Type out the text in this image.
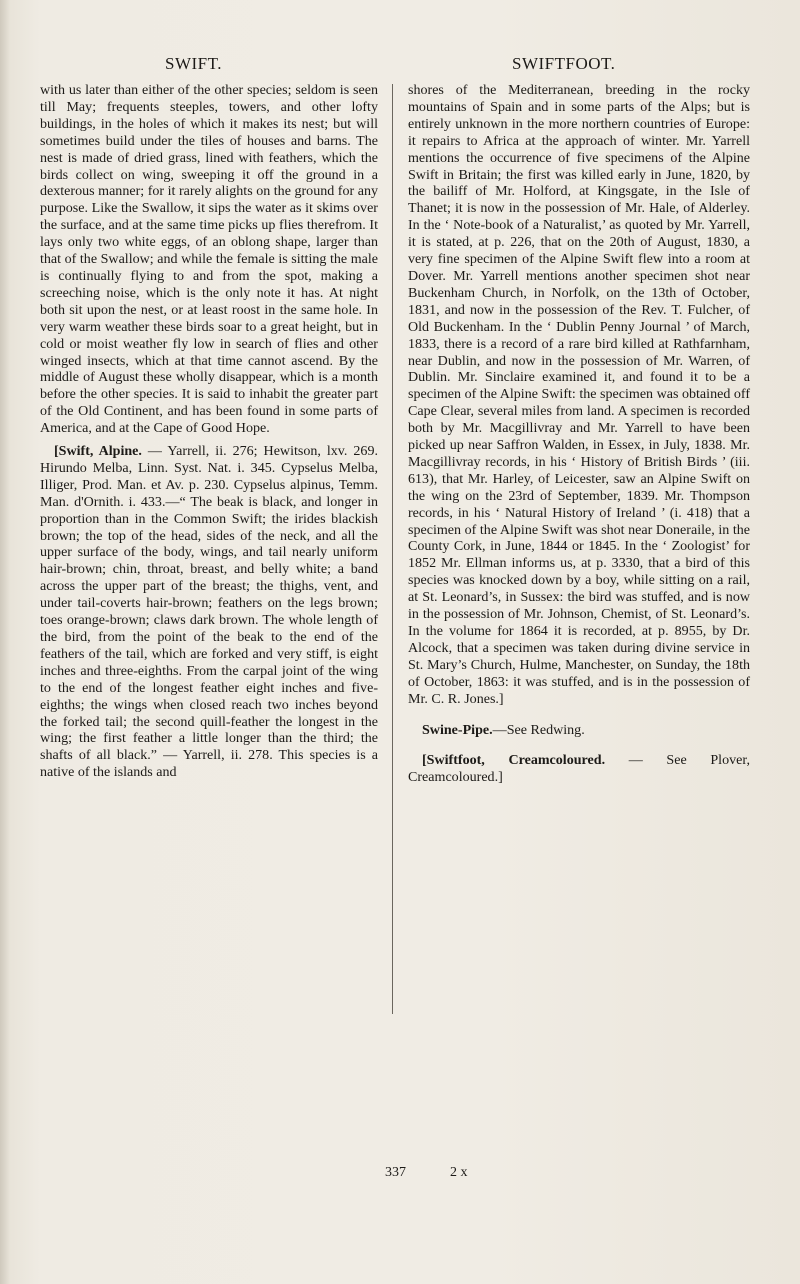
SWIFT.	SWIFTFOOT.

with us later than either of the other species; seldom is seen till May; frequents steeples, towers, and other lofty buildings, in the holes of which it makes its nest; but will sometimes build under the tiles of houses and barns. The nest is made of dried grass, lined with feathers, which the birds collect on wing, sweeping it off the ground in a dexterous manner; for it rarely alights on the ground for any purpose. Like the Swallow, it sips the water as it skims over the surface, and at the same time picks up flies therefrom. It lays only two white eggs, of an oblong shape, larger than that of the Swallow; and while the female is sitting the male is continually flying to and from the spot, making a screeching noise, which is the only note it has. At night both sit upon the nest, or at least roost in the same hole. In very warm weather these birds soar to a great height, but in cold or moist weather fly low in search of flies and other winged insects, which at that time cannot ascend. By the middle of August these wholly disappear, which is a month before the other species. It is said to inhabit the greater part of the Old Continent, and has been found in some parts of America, and at the Cape of Good Hope.

[Swift, Alpine. — Yarrell, ii. 276; Hewitson, lxv. 269. Hirundo Melba, Linn. Syst. Nat. i. 345. Cypselus Melba, Illiger, Prod. Man. et Av. p. 230. Cypselus alpinus, Temm. Man. d'Ornith. i. 433.—“ The beak is black, and longer in proportion than in the Common Swift; the irides blackish brown; the top of the head, sides of the neck, and all the upper surface of the body, wings, and tail nearly uniform hair-brown; chin, throat, breast, and belly white; a band across the upper part of the breast; the thighs, vent, and under tail-coverts hair-brown; feathers on the legs brown; toes orange-brown; claws dark brown. The whole length of the bird, from the point of the beak to the end of the feathers of the tail, which are forked and very stiff, is eight inches and three-eighths. From the carpal joint of the wing to the end of the longest feather eight inches and five-eighths; the wings when closed reach two inches beyond the forked tail; the second quill-feather the longest in the wing; the first feather a little longer than the third; the shafts of all black.” — Yarrell, ii. 278. This species is a native of the islands and

shores of the Mediterranean, breeding in the rocky mountains of Spain and in some parts of the Alps; but is entirely unknown in the more northern countries of Europe: it repairs to Africa at the approach of winter. Mr. Yarrell mentions the occurrence of five specimens of the Alpine Swift in Britain; the first was killed early in June, 1820, by the bailiff of Mr. Holford, at Kingsgate, in the Isle of Thanet; it is now in the possession of Mr. Hale, of Alderley. In the ‘ Note-book of a Naturalist,’ as quoted by Mr. Yarrell, it is stated, at p. 226, that on the 20th of August, 1830, a very fine specimen of the Alpine Swift flew into a room at Dover. Mr. Yarrell mentions another specimen shot near Buckenham Church, in Norfolk, on the 13th of October, 1831, and now in the possession of the Rev. T. Fulcher, of Old Buckenham. In the ‘ Dublin Penny Journal ’ of March, 1833, there is a record of a rare bird killed at Rathfarnham, near Dublin, and now in the possession of Mr. Warren, of Dublin. Mr. Sinclaire examined it, and found it to be a specimen of the Alpine Swift: the specimen was obtained off Cape Clear, several miles from land. A specimen is recorded both by Mr. Macgillivray and Mr. Yarrell to have been picked up near Saffron Walden, in Essex, in July, 1838. Mr. Macgillivray records, in his ‘ History of British Birds ’ (iii. 613), that Mr. Harley, of Leicester, saw an Alpine Swift on the wing on the 23rd of September, 1839. Mr. Thompson records, in his ‘ Natural History of Ireland ’ (i. 418) that a specimen of the Alpine Swift was shot near Doneraile, in the County Cork, in June, 1844 or 1845. In the ‘ Zoologist’ for 1852 Mr. Ellman informs us, at p. 3330, that a bird of this species was knocked down by a boy, while sitting on a rail, at St. Leonard’s, in Sussex: the bird was stuffed, and is now in the possession of Mr. Johnson, Chemist, of St. Leonard’s. In the volume for 1864 it is recorded, at p. 8955, by Dr. Alcock, that a specimen was taken during divine service in St. Mary’s Church, Hulme, Manchester, on Sunday, the 18th of October, 1863: it was stuffed, and is in the possession of Mr. C. R. Jones.]

Swine-Pipe.—See Redwing.

[Swiftfoot, Creamcoloured. — See Plover, Creamcoloured.]

337	2 x
